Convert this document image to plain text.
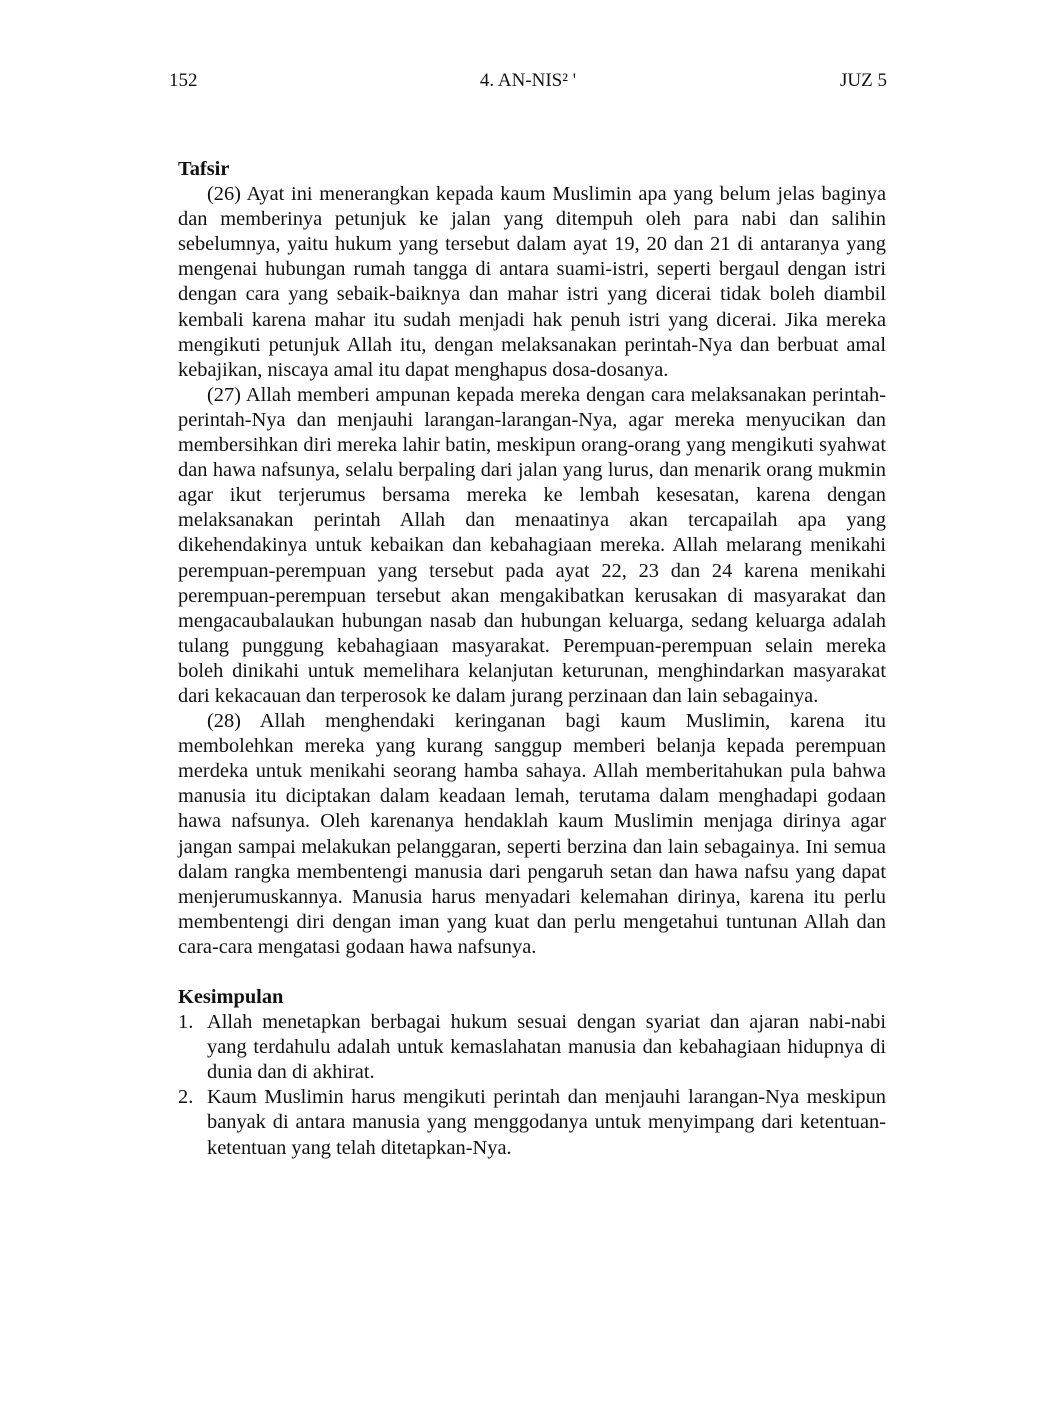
152	4. AN-NIS² '	JUZ 5

Tafsir

(26) Ayat ini menerangkan kepada kaum Muslimin apa yang belum jelas baginya dan memberinya petunjuk ke jalan yang ditempuh oleh para nabi dan salihin sebelumnya, yaitu hukum yang tersebut dalam ayat 19, 20 dan 21 di antaranya yang mengenai hubungan rumah tangga di antara suami-istri, seperti bergaul dengan istri dengan cara yang sebaik-baiknya dan mahar istri yang dicerai tidak boleh diambil kembali karena mahar itu sudah menjadi hak penuh istri yang dicerai. Jika mereka mengikuti petunjuk Allah itu, dengan melaksanakan perintah-Nya dan berbuat amal kebajikan, niscaya amal itu dapat menghapus dosa-dosanya.

(27) Allah memberi ampunan kepada mereka dengan cara melaksanakan perintah-perintah-Nya dan menjauhi larangan-larangan-Nya, agar mereka menyucikan dan membersihkan diri mereka lahir batin, meskipun orang-orang yang mengikuti syahwat dan hawa nafsunya, selalu berpaling dari jalan yang lurus, dan menarik orang mukmin agar ikut terjerumus bersama mereka ke lembah kesesatan, karena dengan melaksanakan perintah Allah dan menaatinya akan tercapailah apa yang dikehendakinya untuk kebaikan dan kebahagiaan mereka. Allah melarang menikahi perempuan-perempuan yang tersebut pada ayat 22, 23 dan 24 karena menikahi perempuan-perempuan tersebut akan mengakibatkan kerusakan di masyarakat dan mengacaubalaukan hubungan nasab dan hubungan keluarga, sedang keluarga adalah tulang punggung kebahagiaan masyarakat. Perempuan-perempuan selain mereka boleh dinikahi untuk memelihara kelanjutan keturunan, menghindarkan masyarakat dari kekacauan dan terperosok ke dalam jurang perzinaan dan lain sebagainya.

(28) Allah menghendaki keringanan bagi kaum Muslimin, karena itu membolehkan mereka yang kurang sanggup memberi belanja kepada perempuan merdeka untuk menikahi seorang hamba sahaya. Allah memberitahukan pula bahwa manusia itu diciptakan dalam keadaan lemah, terutama dalam menghadapi godaan hawa nafsunya. Oleh karenanya hendaklah kaum Muslimin menjaga dirinya agar jangan sampai melakukan pelanggaran, seperti berzina dan lain sebagainya. Ini semua dalam rangka membentengi manusia dari pengaruh setan dan hawa nafsu yang dapat menjerumuskannya. Manusia harus menyadari kelemahan dirinya, karena itu perlu membentengi diri dengan iman yang kuat dan perlu mengetahui tuntunan Allah dan cara-cara mengatasi godaan hawa nafsunya.

Kesimpulan

1. Allah menetapkan berbagai hukum sesuai dengan syariat dan ajaran nabi-nabi yang terdahulu adalah untuk kemaslahatan manusia dan kebahagiaan hidupnya di dunia dan di akhirat.
2. Kaum Muslimin harus mengikuti perintah dan menjauhi larangan-Nya meskipun banyak di antara manusia yang menggodanya untuk menyimpang dari ketentuan-ketentuan yang telah ditetapkan-Nya.
